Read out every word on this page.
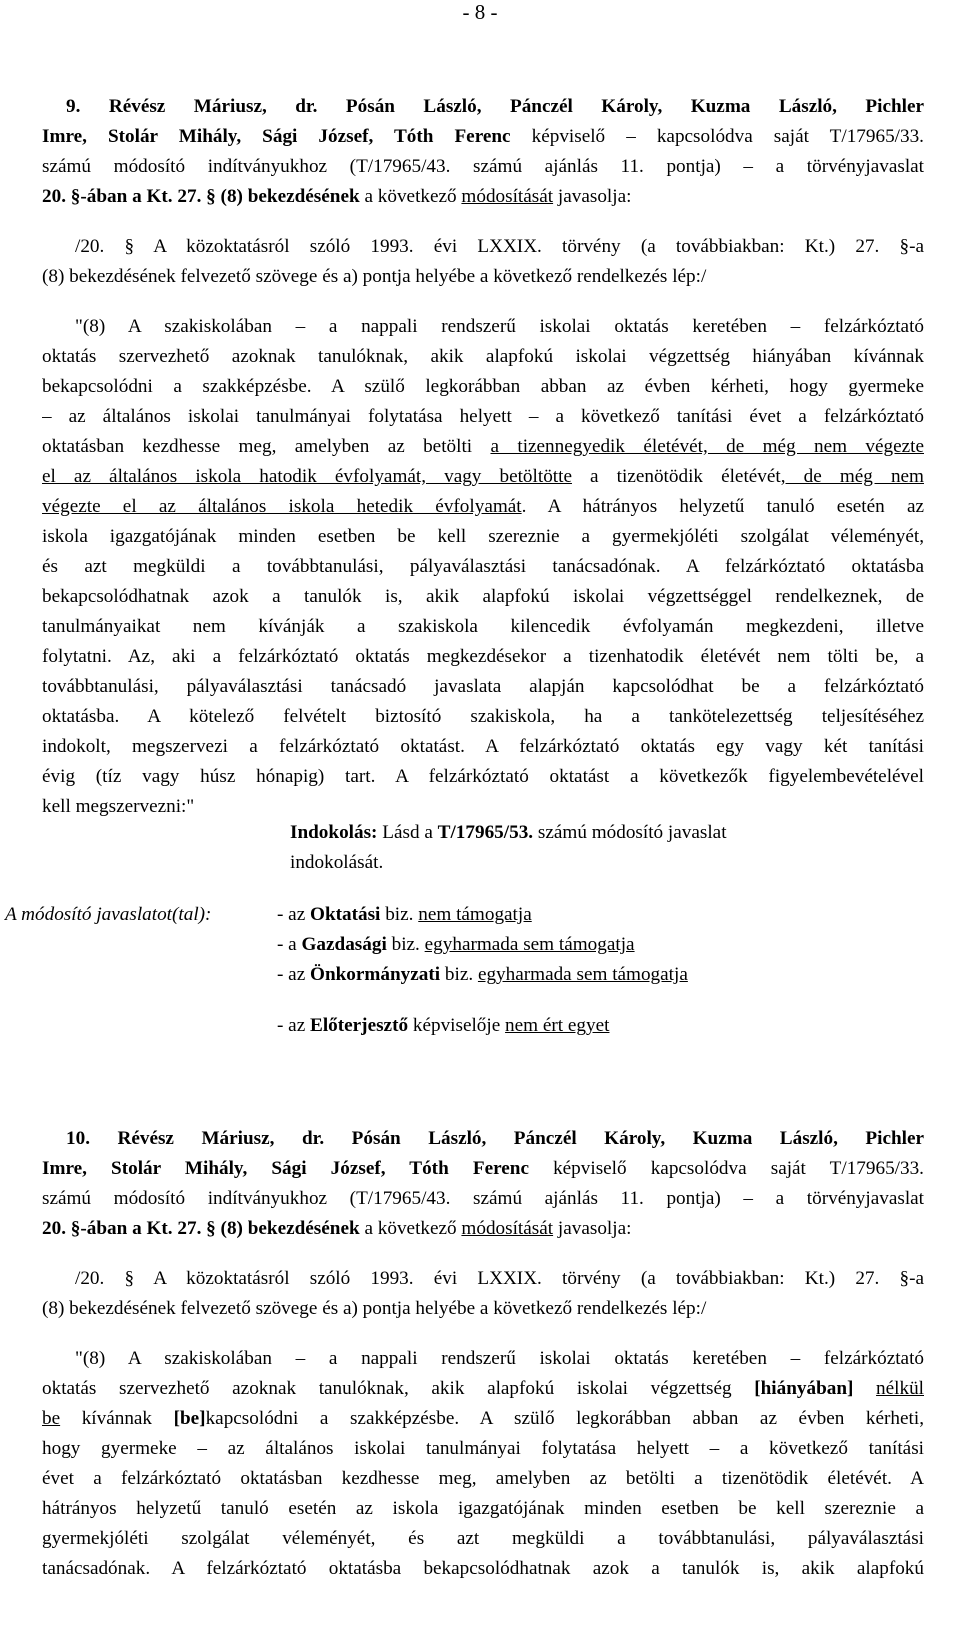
- 8 -
9. Révész Máriusz, dr. Pósán László, Pánczél Károly, Kuzma László, Pichler
Imre, Stolár Mihály, Sági József, Tóth Ferenc képviselő – kapcsolódva saját T/17965/33.
számú módosító indítványukhoz (T/17965/43. számú ajánlás 11. pontja) – a törvényjavaslat
20. §-ában a Kt. 27. § (8) bekezdésének a következő módosítását javasolja:
/20. § A közoktatásról szóló 1993. évi LXXIX. törvény (a továbbiakban: Kt.) 27. §-a
(8) bekezdésének felvezető szövege és a) pontja helyébe a következő rendelkezés lép:/
"(8) A szakiskolában – a nappali rendszerű iskolai oktatás keretében – felzárkóztató
oktatás szervezhető azoknak tanulóknak, akik alapfokú iskolai végzettség hiányában kívánnak
bekapcsolódni a szakképzésbe. A szülő legkorábban abban az évben kérheti, hogy gyermeke
– az általános iskolai tanulmányai folytatása helyett – a következő tanítási évet a felzárkóztató
oktatásban kezdhesse meg, amelyben az betölti a tizennegyedik életévét, de még nem végezte
el az általános iskola hatodik évfolyamát, vagy betöltötte a tizenötödik életévét, de még nem
végezte el az általános iskola hetedik évfolyamát. A hátrányos helyzetű tanuló esetén az
iskola igazgatójának minden esetben be kell szereznie a gyermekjóléti szolgálat véleményét,
és azt megküldi a továbbtanulási, pályaválasztási tanácsadónak. A felzárkóztató oktatásba
bekapcsolódhatnak azok a tanulók is, akik alapfokú iskolai végzettséggel rendelkeznek, de
tanulmányaikat nem kívánják a szakiskola kilencedik évfolyamán megkezdeni, illetve
folytatni. Az, aki a felzárkóztató oktatás megkezdésekor a tizenhatodik életévét nem tölti be, a
továbbtanulási, pályaválasztási tanácsadó javaslata alapján kapcsolódhat be a felzárkóztató
oktatásba. A kötelező felvételt biztosító szakiskola, ha a tankötelezettség teljesítéséhez
indokolt, megszervezi a felzárkóztató oktatást. A felzárkóztató oktatás egy vagy két tanítási
évig (tíz vagy húsz hónapig) tart. A felzárkóztató oktatást a következők figyelembevételével
kell megszervezni:"
Indokolás: Lásd a T/17965/53. számú módosító javaslat
indokolását.
A módosító javaslatot(tal):	- az Oktatási biz. nem támogatja
- a Gazdasági biz. egyharmada sem támogatja
- az Önkormányzati biz. egyharmada sem támogatja
- az Előterjesztő képviselője nem ért egyet
10. Révész Máriusz, dr. Pósán László, Pánczél Károly, Kuzma László, Pichler
Imre, Stolár Mihály, Sági József, Tóth Ferenc képviselő kapcsolódva saját T/17965/33.
számú módosító indítványukhoz (T/17965/43. számú ajánlás 11. pontja) – a törvényjavaslat
20. §-ában a Kt. 27. § (8) bekezdésének a következő módosítását javasolja:
/20. § A közoktatásról szóló 1993. évi LXXIX. törvény (a továbbiakban: Kt.) 27. §-a
(8) bekezdésének felvezető szövege és a) pontja helyébe a következő rendelkezés lép:/
"(8) A szakiskolában – a nappali rendszerű iskolai oktatás keretében – felzárkóztató
oktatás szervezhető azoknak tanulóknak, akik alapfokú iskolai végzettség [hiányában] nélkül
be kívánnak [be]kapcsolódni a szakképzésbe. A szülő legkorábban abban az évben kérheti,
hogy gyermeke – az általános iskolai tanulmányai folytatása helyett – a következő tanítási
évet a felzárkóztató oktatásban kezdhesse meg, amelyben az betölti a tizenötödik életévét. A
hátrányos helyzetű tanuló esetén az iskola igazgatójának minden esetben be kell szereznie a
gyermekjóléti szolgálat véleményét, és azt megküldi a továbbtanulási, pályaválasztási
tanácsadónak. A felzárkóztató oktatásba bekapcsolódhatnak azok a tanulók is, akik alapfokú
